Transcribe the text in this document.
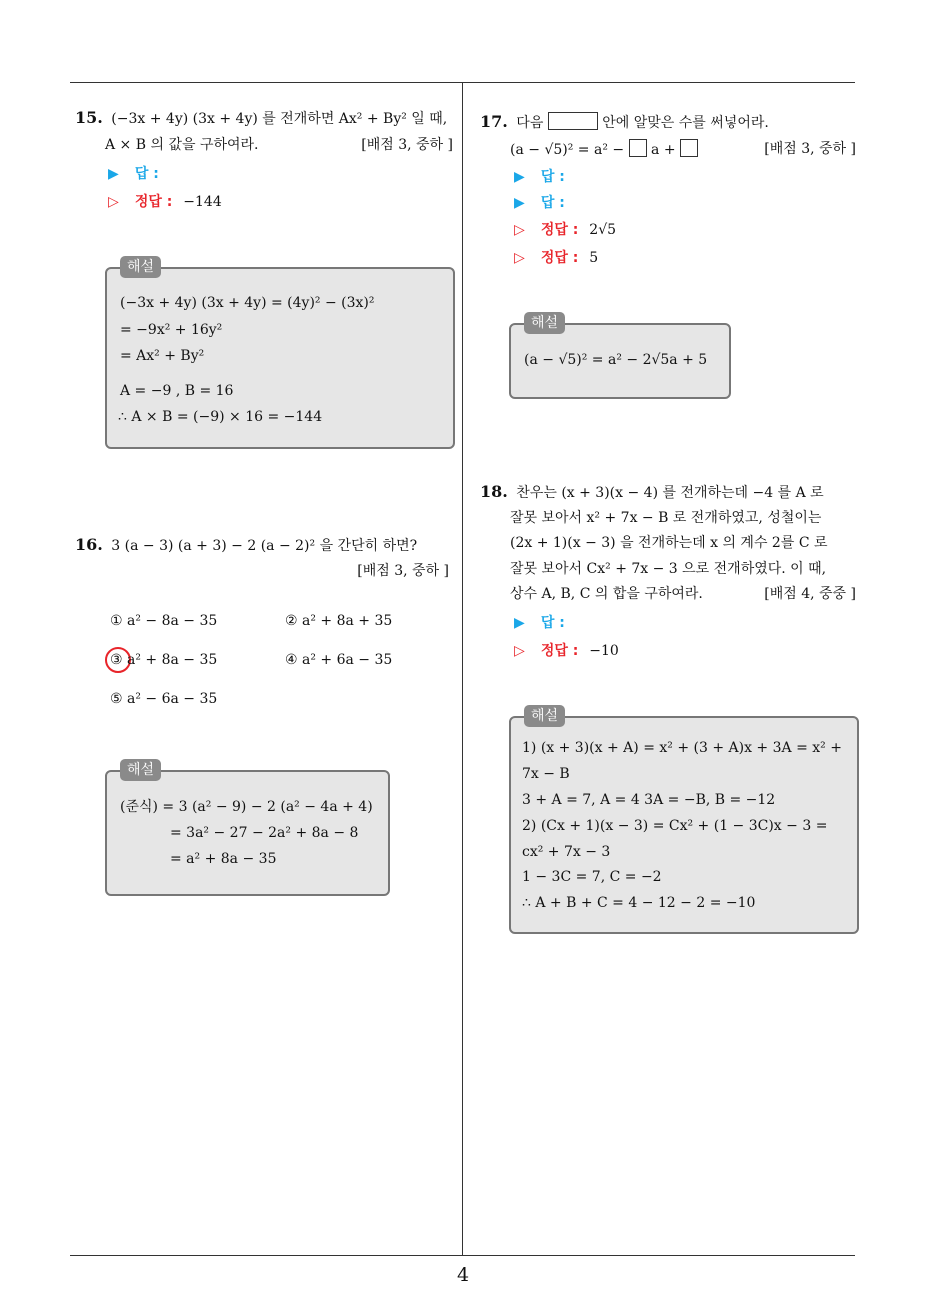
4
15. (−3x + 4y) (3x + 4y) 를 전개하면 Ax² + By² 일 때,
A × B 의 값을 구하여라.	[배점 3, 중하 ]
▶ 답 :
▷ 정답 : −144
해설
(−3x + 4y) (3x + 4y) = (4y)² − (3x)²
= −9x² + 16y²
= Ax² + By²
A = −9 , B = 16
∴ A × B = (−9) × 16 = −144
16. 3 (a − 3) (a + 3) − 2 (a − 2)² 을 간단히 하면?
[배점 3, 중하 ]
① a² − 8a − 35	② a² + 8a + 35
③ a² + 8a − 35	④ a² + 6a − 35
⑤ a² − 6a − 35
해설
(준식) = 3 (a² − 9) − 2 (a² − 4a + 4)
= 3a² − 27 − 2a² + 8a − 8
= a² + 8a − 35
17. 다음	안에 알맞은 수를 써넣어라.
(a − √5)² = a² − a +	[배점 3, 중하 ]
▶ 답 :
▶ 답 :
▷ 정답 : 2√5
▷ 정답 : 5
해설
(a − √5)² = a² − 2√5a + 5
18. 찬우는 (x + 3)(x − 4) 를 전개하는데 −4 를 A 로
잘못 보아서 x² + 7x − B 로 전개하였고, 성철이는
(2x + 1)(x − 3) 을 전개하는데 x 의 계수 2를 C 로
잘못 보아서 Cx² + 7x − 3 으로 전개하였다. 이 때,
상수 A, B, C 의 합을 구하여라.	[배점 4, 중중 ]
▶ 답 :
▷ 정답 : −10
해설
1) (x + 3)(x + A) = x² + (3 + A)x + 3A = x² +
7x − B
3 + A = 7, A = 4 3A = −B, B = −12
2) (Cx + 1)(x − 3) = Cx² + (1 − 3C)x − 3 =
cx² + 7x − 3
1 − 3C = 7, C = −2
∴ A + B + C = 4 − 12 − 2 = −10
